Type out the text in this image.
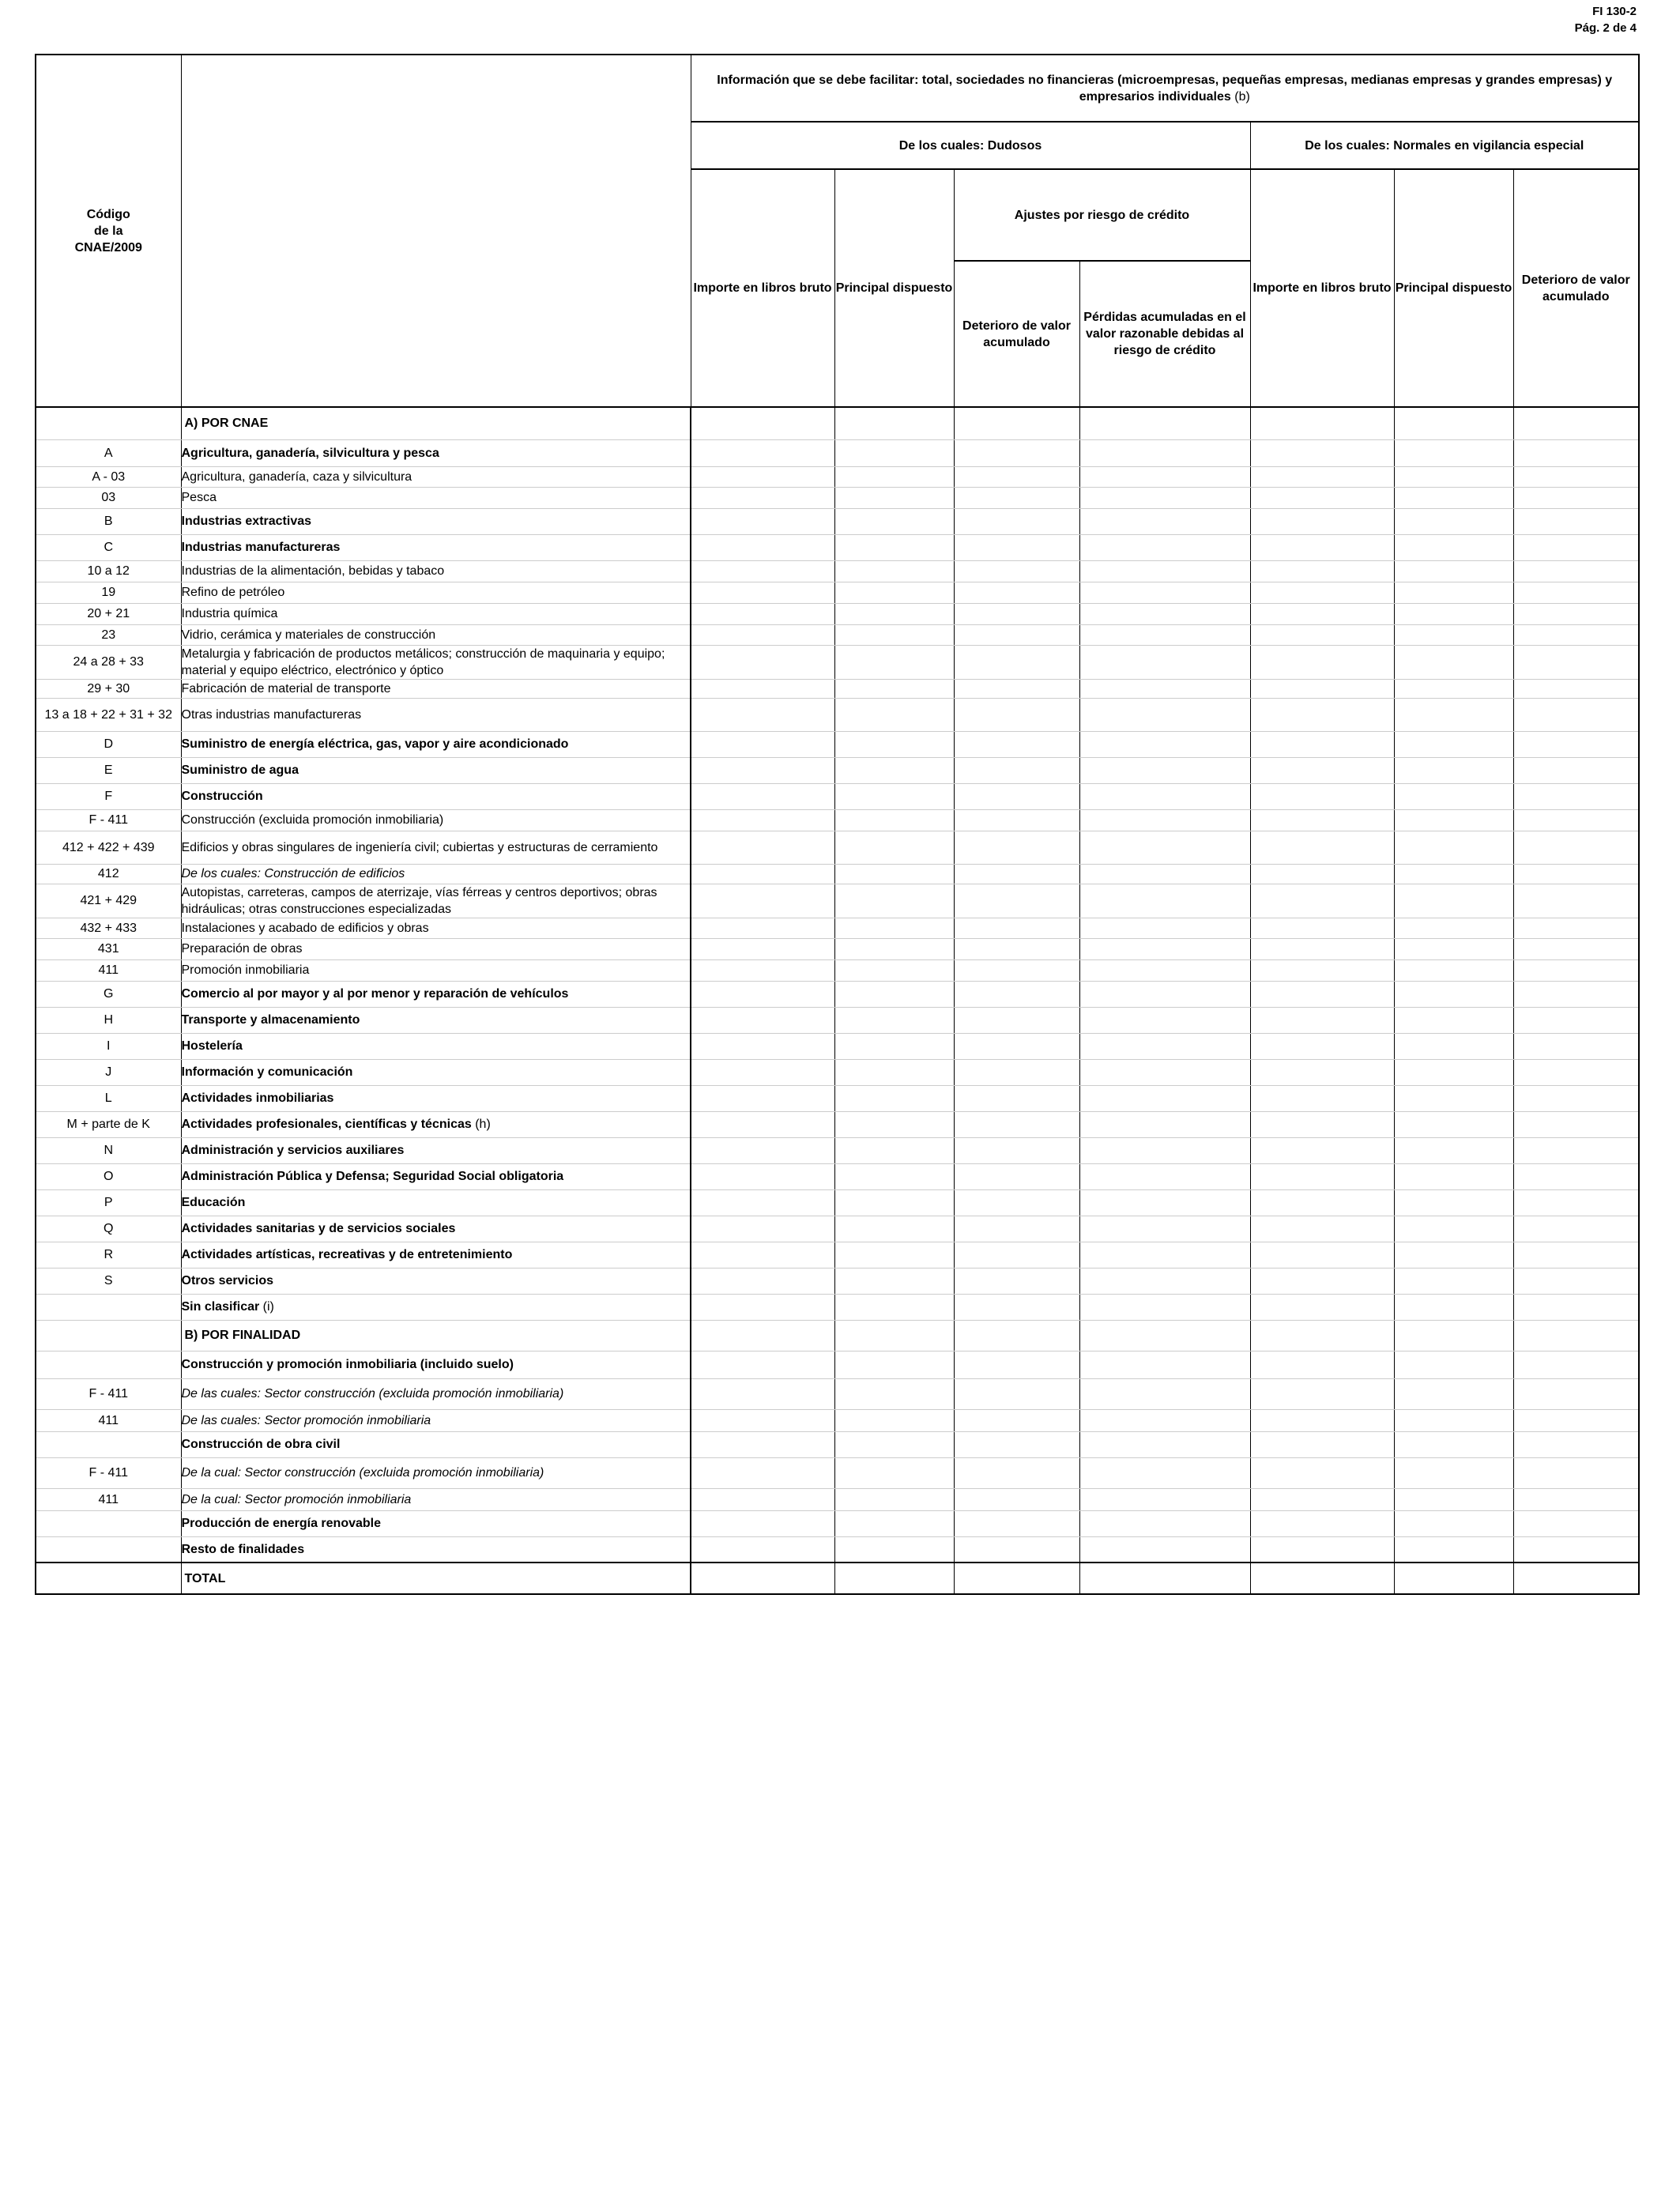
FI 130-2
Pág. 2 de 4
Código
de la
CNAE/2009		Información que se debe facilitar: total, sociedades no financieras (microempresas, pequeñas empresas, medianas empresas y grandes empresas) y empresarios individuales (b)						
		De los cuales: Dudosos				De los cuales: Normales en vigilancia especial		
		Importe en libros bruto	Principal dispuesto	Ajustes por riesgo de crédito		Importe en libros bruto	Principal dispuesto	Deterioro de valor acumulado
				Deterioro de valor acumulado	Pérdidas acumuladas en el valor razonable debidas al riesgo de crédito			
	A) POR CNAE							
A	Agricultura, ganadería, silvicultura y pesca							
A - 03	Agricultura, ganadería, caza y silvicultura							
03	Pesca							
B	Industrias extractivas							
C	Industrias manufactureras							
10 a 12	Industrias de la alimentación, bebidas y tabaco							
19	Refino de petróleo							
20 + 21	Industria química							
23	Vidrio, cerámica y materiales de construcción							
24 a 28 + 33	Metalurgia y fabricación de productos metálicos; construcción de maquinaria y equipo; material y equipo eléctrico, electrónico y óptico							
29 + 30	Fabricación de material de transporte							
13 a 18 + 22 + 31 + 32	Otras industrias manufactureras							
D	Suministro de energía eléctrica, gas, vapor y aire acondicionado							
E	Suministro de agua							
F	Construcción							
F - 411	Construcción (excluida promoción inmobiliaria)							
412 + 422 + 439	Edificios y obras singulares de ingeniería civil; cubiertas y estructuras de cerramiento							
412	De los cuales: Construcción de edificios							
421 + 429	Autopistas, carreteras, campos de aterrizaje, vías férreas y centros deportivos; obras hidráulicas; otras construcciones especializadas							
432 + 433	Instalaciones y acabado de edificios y obras							
431	Preparación de obras							
411	Promoción inmobiliaria							
G	Comercio al por mayor y al por menor y reparación de vehículos							
H	Transporte y almacenamiento							
I	Hostelería							
J	Información y comunicación							
L	Actividades inmobiliarias							
M + parte de K	Actividades profesionales, científicas y técnicas (h)							
N	Administración y servicios auxiliares							
O	Administración Pública y Defensa; Seguridad Social obligatoria							
P	Educación							
Q	Actividades sanitarias y de servicios sociales							
R	Actividades artísticas, recreativas y de entretenimiento							
S	Otros servicios							
	Sin clasificar (i)							
	B) POR FINALIDAD							
	Construcción y promoción inmobiliaria (incluido suelo)							
F - 411	De las cuales: Sector construcción (excluida promoción inmobiliaria)							
411	De las cuales: Sector promoción inmobiliaria							
	Construcción de obra civil							
F - 411	De la cual: Sector construcción (excluida promoción inmobiliaria)							
411	De la cual: Sector promoción inmobiliaria							
	Producción de energía renovable							
	Resto de finalidades							
	TOTAL							
